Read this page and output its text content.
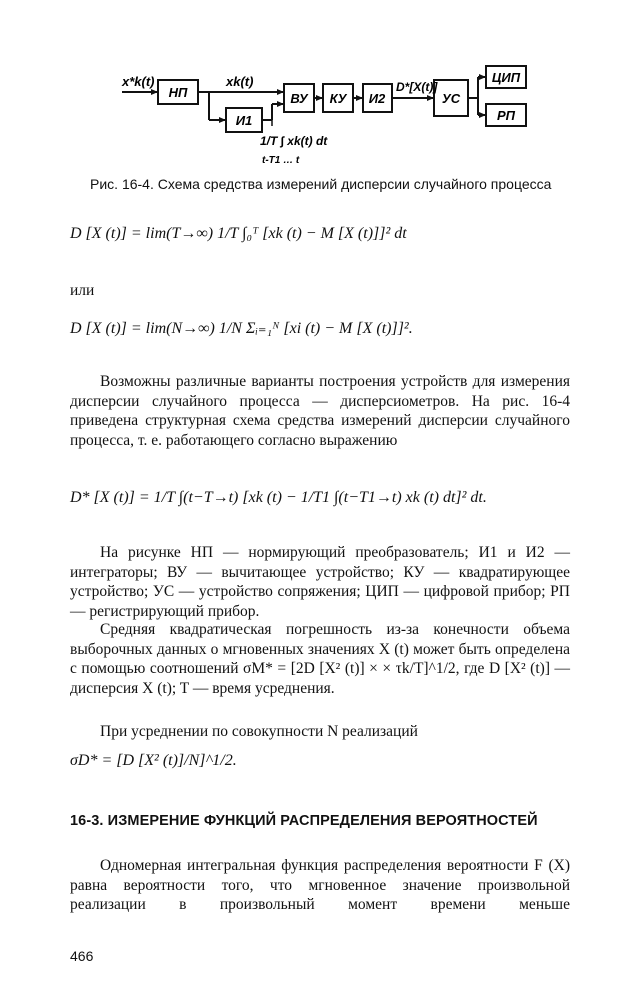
НП
И1
ВУ КУ И2	УС
ЦИП
РП
x*k(t)	xk(t)	D*[X(t)]
1/T ∫ xk(t) dt
t-T1 … t
Рис. 16-4. Схема средства измерений дисперсии случайного процесса
D [X (t)] = lim(T→∞) 1/T ∫₀ᵀ [xk (t) − M [X (t)]]² dt
или
D [X (t)] = lim(N→∞) 1/N Σᵢ₌₁ᴺ [xi (t) − M [X (t)]]².

Возможны различные варианты построения устройств для измерения дисперсии случайного процесса — дисперсиометров. На рис. 16-4 приведена структурная схема средства измерений дисперсии случайного процесса, т. е. работающего согласно выражению

D* [X (t)] = 1/T ∫(t−T→t) [xk (t) − 1/T1 ∫(t−T1→t) xk (t) dt]² dt.

На рисунке НП — нормирующий преобразователь; И1 и И2 — интеграторы; ВУ — вычитающее устройство; КУ — квадратирующее устройство; УС — устройство сопряжения; ЦИП — цифровой прибор; РП — регистрирующий прибор.

Средняя квадратическая погрешность из-за конечности объема выборочных данных о мгновенных значениях X (t) может быть определена с помощью соотношений σM* = [2D [X² (t)] × × τk/T]^1/2, где D [X² (t)] — дисперсия X (t); T — время усреднения.

При усреднении по совокупности N реализаций

σD* = [D [X² (t)]/N]^1/2.
16-3. ИЗМЕРЕНИЕ ФУНКЦИЙ РАСПРЕДЕЛЕНИЯ ВЕРОЯТНОСТЕЙ

Одномерная интегральная функция распределения вероятности F (X) равна вероятности того, что мгновенное значение произвольной реализации в произвольный момент времени меньше

466
